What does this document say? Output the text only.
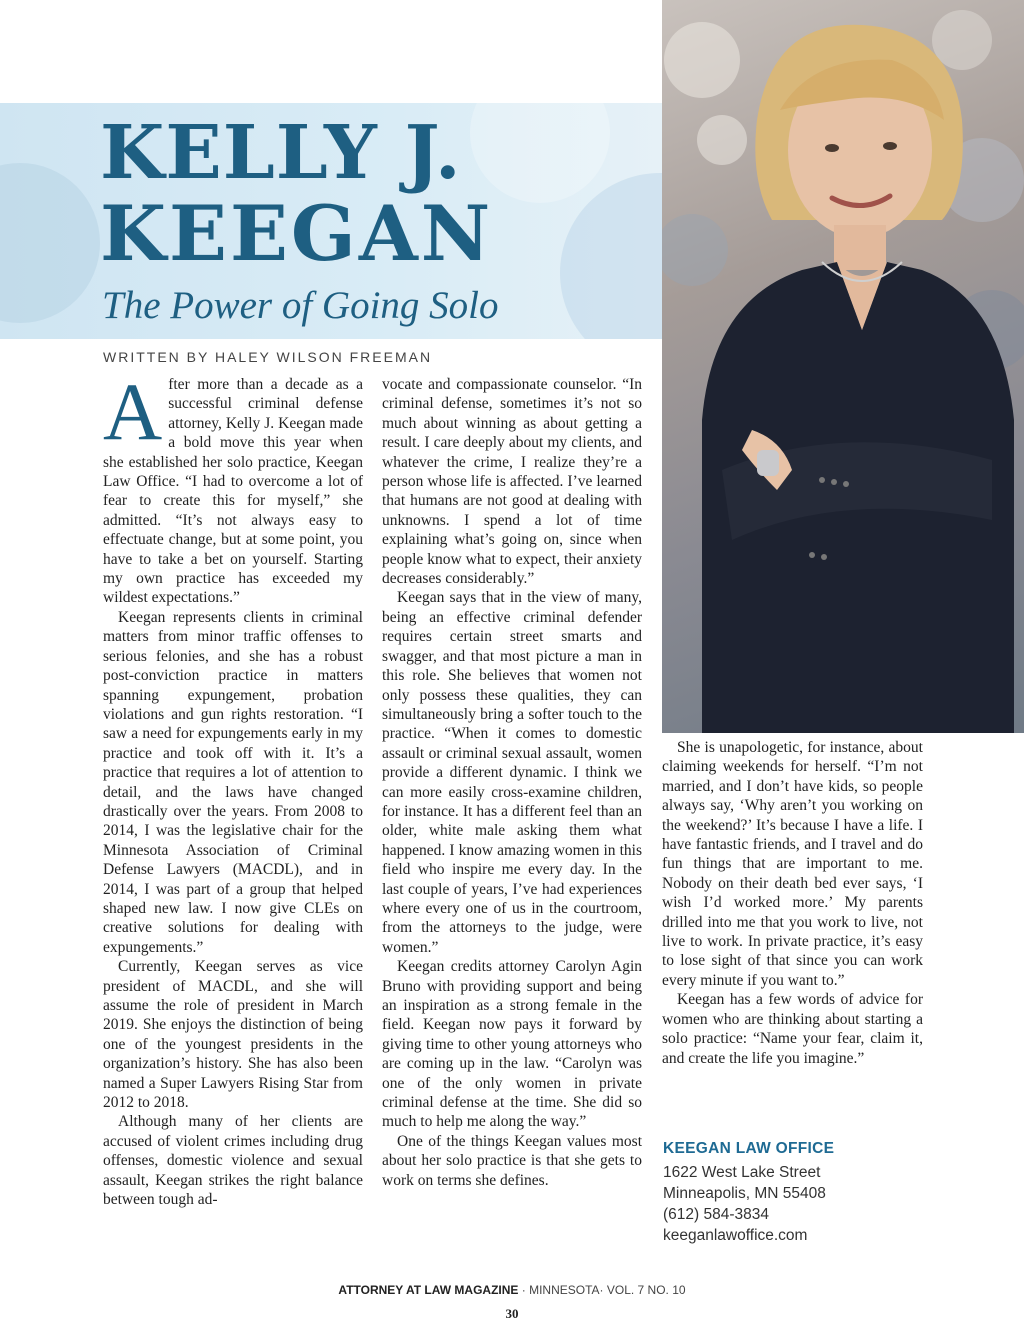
KELLY J.
KEEGAN
The Power of Going Solo
WRITTEN BY HALEY WILSON FREEMAN

After more than a decade as a successful criminal defense attorney, Kelly J. Keegan made a bold move this year when she established her solo practice, Keegan Law Office. “I had to overcome a lot of fear to create this for myself,” she admitted. “It’s not always easy to effectuate change, but at some point, you have to take a bet on yourself. Starting my own practice has exceeded my wildest expectations.”

Keegan represents clients in criminal matters from minor traffic offenses to serious felonies, and she has a robust post-conviction practice in matters spanning expungement, probation violations and gun rights restoration. “I saw a need for expungements early in my practice and took off with it. It’s a practice that requires a lot of attention to detail, and the laws have changed drastically over the years. From 2008 to 2014, I was the legislative chair for the Minnesota Association of Criminal Defense Lawyers (MACDL), and in 2014, I was part of a group that helped shaped new law. I now give CLEs on creative solutions for dealing with expungements.”

Currently, Keegan serves as vice president of MACDL, and she will assume the role of president in March 2019. She enjoys the distinction of being one of the youngest presidents in the organization’s history. She has also been named a Super Lawyers Rising Star from 2012 to 2018.

Although many of her clients are accused of violent crimes including drug offenses, domestic violence and sexual assault, Keegan strikes the right balance between tough ad-

vocate and compassionate counselor. “In criminal defense, sometimes it’s not so much about winning as about getting a result. I care deeply about my clients, and whatever the crime, I realize they’re a person whose life is affected. I’ve learned that humans are not good at dealing with unknowns. I spend a lot of time explaining what’s going on, since when people know what to expect, their anxiety decreases considerably.”

Keegan says that in the view of many, being an effective criminal defender requires certain street smarts and swagger, and that most picture a man in this role. She believes that women not only possess these qualities, they can simultaneously bring a softer touch to the practice. “When it comes to domestic assault or criminal sexual assault, women provide a different dynamic. I think we can more easily cross-examine children, for instance. It has a different feel than an older, white male asking them what happened. I know amazing women in this field who inspire me every day. In the last couple of years, I’ve had experiences where every one of us in the courtroom, from the attorneys to the judge, were women.”

Keegan credits attorney Carolyn Agin Bruno with providing support and being an inspiration as a strong female in the field. Keegan now pays it forward by giving time to other young attorneys who are coming up in the law. “Carolyn was one of the only women in private criminal defense at the time. She did so much to help me along the way.”

One of the things Keegan values most about her solo practice is that she gets to work on terms she defines.

She is unapologetic, for instance, about claiming weekends for herself. “I’m not married, and I don’t have kids, so people always say, ‘Why aren’t you working on the weekend?’ It’s because I have a life. I have fantastic friends, and I travel and do fun things that are important to me. Nobody on their death bed ever says, ‘I wish I’d worked more.’ My parents drilled into me that you work to live, not live to work. In private practice, it’s easy to lose sight of that since you can work every minute if you want to.”

Keegan has a few words of advice for women who are thinking about starting a solo practice: “Name your fear, claim it, and create the life you imagine.”

KEEGAN LAW OFFICE
1622 West Lake Street
Minneapolis, MN 55408
(612) 584-3834
keeganlawoffice.com
ATTORNEY AT LAW MAGAZINE · MINNESOTA· VOL. 7 NO. 10
30
